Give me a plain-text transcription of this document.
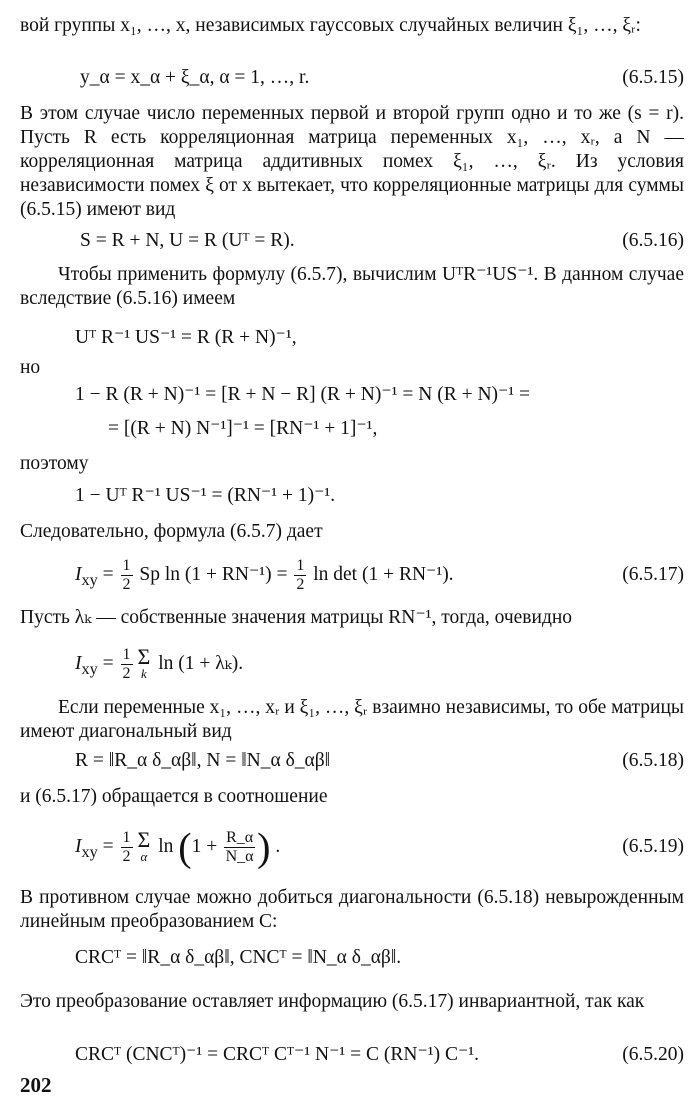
вой группы x₁, …, x, независимых гауссовых случайных величин ξ₁, …, ξᵣ:

y_α = x_α + ξ_α, α = 1, …, r.	(6.5.15)

В этом случае число переменных первой и второй групп одно и то же (s = r). Пусть R есть корреляционная матрица переменных x₁, …, xᵣ, а N — корреляционная матрица аддитивных помех ξ₁, …, ξᵣ. Из условия независимости помех ξ от x вытекает, что корреляционные матрицы для суммы (6.5.15) имеют вид

S = R + N, U = R (Uᵀ = R).	(6.5.16)

Чтобы применить формулу (6.5.7), вычислим UᵀR⁻¹US⁻¹. В данном случае вследствие (6.5.16) имеем

Uᵀ R⁻¹ US⁻¹ = R (R + N)⁻¹,

но

1 − R (R + N)⁻¹ = [R + N − R] (R + N)⁻¹ = N (R + N)⁻¹ =
= [(R + N) N⁻¹]⁻¹ = [RN⁻¹ + 1]⁻¹,

поэтому

1 − Uᵀ R⁻¹ US⁻¹ = (RN⁻¹ + 1)⁻¹.

Следовательно, формула (6.5.7) дает

$I_{xy} = \frac{1}{2}$ Sp $\ln (1 + RN^{-1}) = \frac{1}{2}$ ln det (1 + RN⁻¹).	(6.5.17)

Пусть λₖ — собственные значения матрицы RN⁻¹, тогда, очевидно

$I_{xy} = \frac{1}{2}$ Σ
k
ln (1 + λₖ).

Если переменные x₁, …, xᵣ и ξ₁, …, ξᵣ взаимно независимы, то обе матрицы имеют диагональный вид

R = ‖R_α δ_αβ‖, N = ‖N_α δ_αβ‖	(6.5.18)

и (6.5.17) обращается в соотношение

$I_{xy} = \frac{1}{2}$ Σ
α
$\ln (1 + \frac{R\_\alpha}{N\_\alpha}$ ) .	(6.5.19)

В противном случае можно добиться диагональности (6.5.18) невырожденным линейным преобразованием C:

CRCᵀ = ‖R_α δ_αβ‖, CNCᵀ = ‖N_α δ_αβ‖.

Это преобразование оставляет информацию (6.5.17) инвариантной, так как

CRCᵀ (CNCᵀ)⁻¹ = CRCᵀ Cᵀ⁻¹ N⁻¹ = C (RN⁻¹) C⁻¹.	(6.5.20)
202
